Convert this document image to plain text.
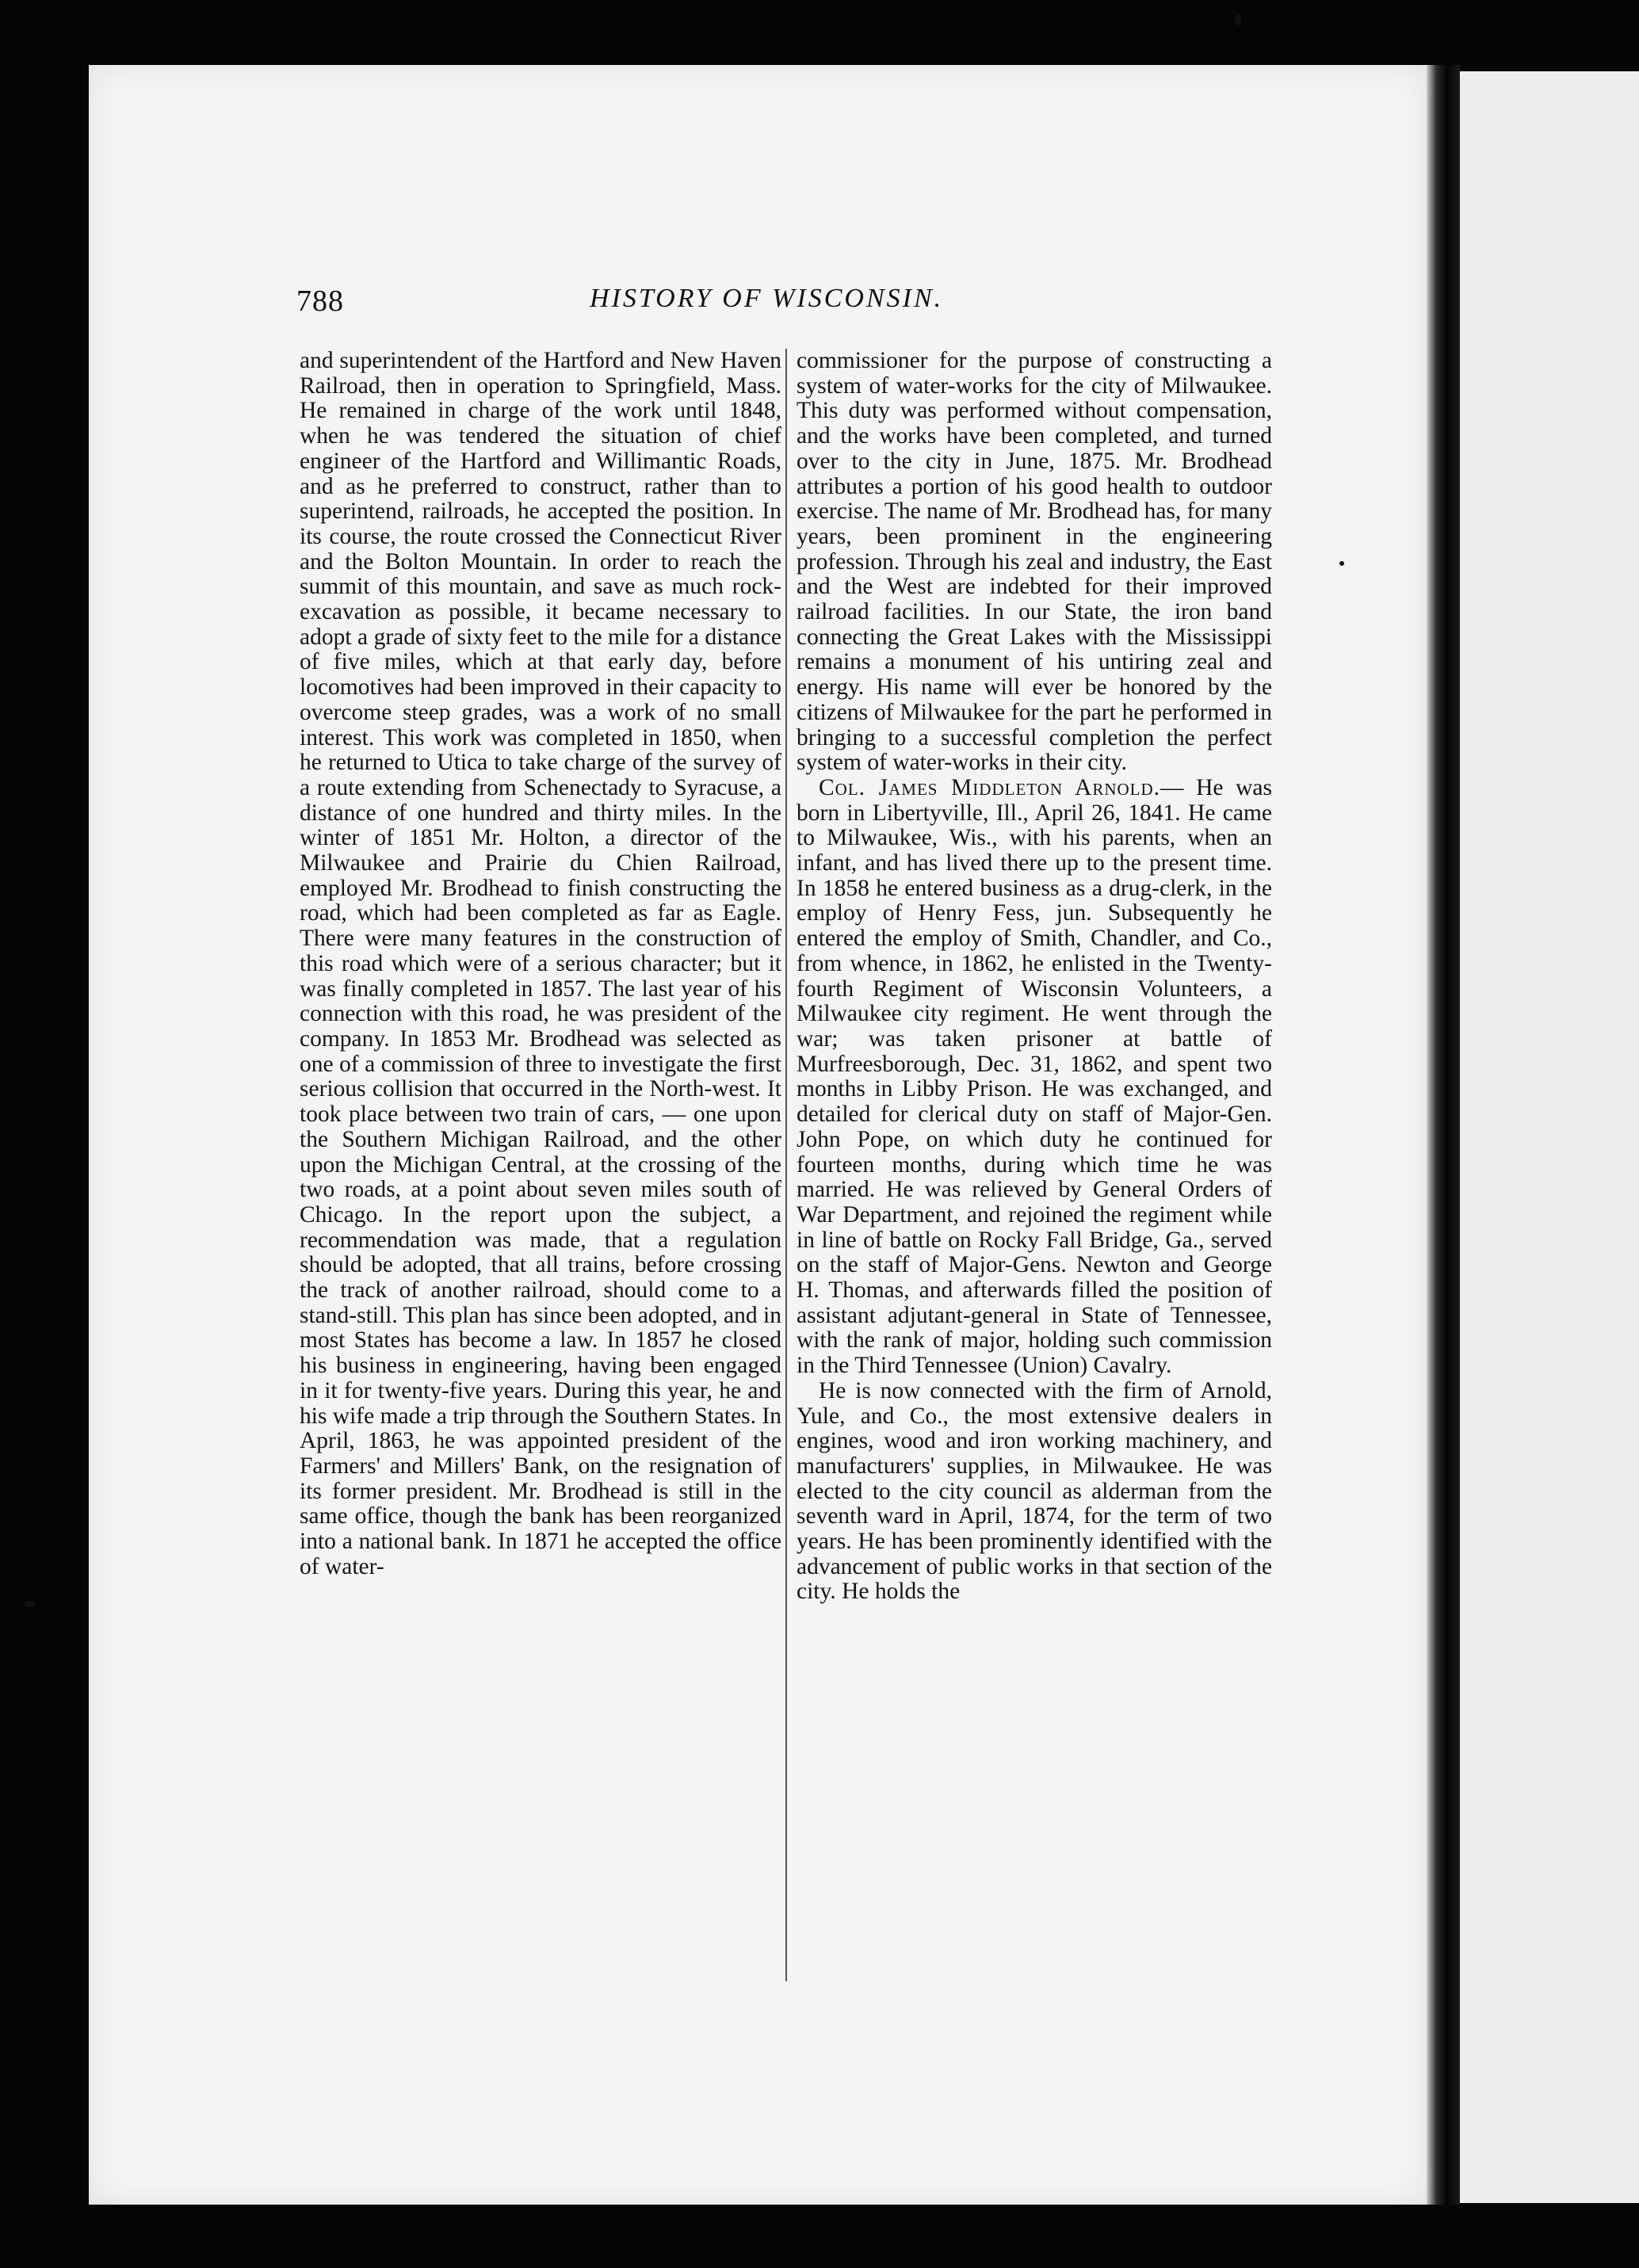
788	HISTORY OF WISCONSIN.

and superintendent of the Hartford and New Haven Railroad, then in operation to Springfield, Mass. He remained in charge of the work until 1848, when he was tendered the situation of chief engineer of the Hartford and Willimantic Roads, and as he preferred to construct, rather than to superintend, railroads, he accepted the position. In its course, the route crossed the Connecticut River and the Bolton Mountain. In order to reach the summit of this mountain, and save as much rock-excavation as possible, it became necessary to adopt a grade of sixty feet to the mile for a distance of five miles, which at that early day, before locomotives had been improved in their capacity to overcome steep grades, was a work of no small interest. This work was completed in 1850, when he returned to Utica to take charge of the survey of a route extending from Schenectady to Syracuse, a distance of one hundred and thirty miles. In the winter of 1851 Mr. Holton, a director of the Milwaukee and Prairie du Chien Railroad, employed Mr. Brodhead to finish constructing the road, which had been completed as far as Eagle. There were many features in the construction of this road which were of a serious character; but it was finally completed in 1857. The last year of his connection with this road, he was president of the company. In 1853 Mr. Brodhead was selected as one of a commission of three to investigate the first serious collision that occurred in the North-west. It took place between two train of cars, — one upon the Southern Michigan Railroad, and the other upon the Michigan Central, at the crossing of the two roads, at a point about seven miles south of Chicago. In the report upon the subject, a recommendation was made, that a regulation should be adopted, that all trains, before crossing the track of another railroad, should come to a stand-still. This plan has since been adopted, and in most States has become a law. In 1857 he closed his business in engineering, having been engaged in it for twenty-five years. During this year, he and his wife made a trip through the Southern States. In April, 1863, he was appointed president of the Farmers' and Millers' Bank, on the resignation of its former president. Mr. Brodhead is still in the same office, though the bank has been reorganized into a national bank. In 1871 he accepted the office of water-

commissioner for the purpose of constructing a system of water-works for the city of Milwaukee. This duty was performed without compensation, and the works have been completed, and turned over to the city in June, 1875. Mr. Brodhead attributes a portion of his good health to outdoor exercise. The name of Mr. Brodhead has, for many years, been prominent in the engineering profession. Through his zeal and industry, the East and the West are indebted for their improved railroad facilities. In our State, the iron band connecting the Great Lakes with the Mississippi remains a monument of his untiring zeal and energy. His name will ever be honored by the citizens of Milwaukee for the part he performed in bringing to a successful completion the perfect system of water-works in their city.

Col. James Middleton Arnold.— He was born in Libertyville, Ill., April 26, 1841. He came to Milwaukee, Wis., with his parents, when an infant, and has lived there up to the present time. In 1858 he entered business as a drug-clerk, in the employ of Henry Fess, jun. Subsequently he entered the employ of Smith, Chandler, and Co., from whence, in 1862, he enlisted in the Twenty-fourth Regiment of Wisconsin Volunteers, a Milwaukee city regiment. He went through the war; was taken prisoner at battle of Murfreesborough, Dec. 31, 1862, and spent two months in Libby Prison. He was exchanged, and detailed for clerical duty on staff of Major-Gen. John Pope, on which duty he continued for fourteen months, during which time he was married. He was relieved by General Orders of War Department, and rejoined the regiment while in line of battle on Rocky Fall Bridge, Ga., served on the staff of Major-Gens. Newton and George H. Thomas, and afterwards filled the position of assistant adjutant-general in State of Tennessee, with the rank of major, holding such commission in the Third Tennessee (Union) Cavalry.

He is now connected with the firm of Arnold, Yule, and Co., the most extensive dealers in engines, wood and iron working machinery, and manufacturers' supplies, in Milwaukee. He was elected to the city council as alderman from the seventh ward in April, 1874, for the term of two years. He has been prominently identified with the advancement of public works in that section of the city. He holds the
